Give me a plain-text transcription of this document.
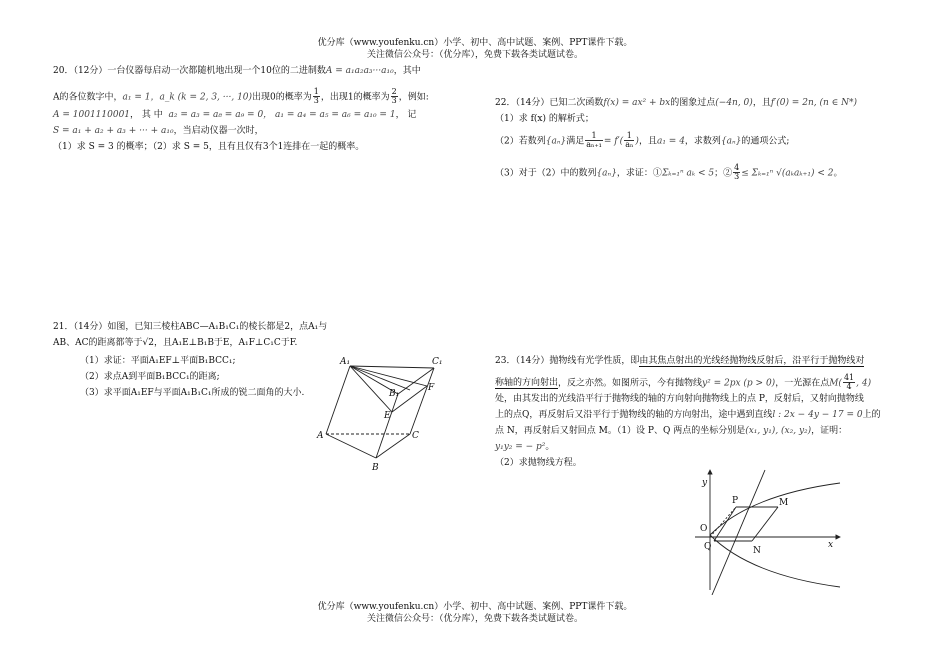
优分库（www.youfenku.cn）小学、初中、高中试题、案例、PPT课件下载。
关注微信公众号：（优分库），免费下载各类试题试卷。
20．（12分）一台仪器每启动一次都随机地出现一个10位的二进制数A = a₁a₂a₃···a₁₀，其中
A的各位数字中，a₁ = 1，a_k (k = 2, 3, ···, 10)出现0的概率为 $\frac{1}{3}$ ，出现1的概率为 $\frac{2}{3}$ ，例如:
A = 1001110001， 其 中 a₂ = a₃ = a₈ = a₉ = 0， a₁ = a₄ = a₅ = a₆ = a₁₀ = 1， 记
S = a₁ + a₂ + a₃ + ··· + a₁₀，当启动仪器一次时，
（1）求 S = 3 的概率；（2）求 S = 5，且有且仅有3个1连排在一起的概率。
21．（14分）如图，已知三棱柱ABC—A₁B₁C₁的棱长都是2，点A₁与
AB、AC的距离都等于√2，且A₁E⊥B₁B于E，A₁F⊥C₁C于F.
（1）求证：平面A₁EF⊥平面B₁BCC₁;
（2）求点A到平面B₁BCC₁的距离;
（3）求平面A₁EF与平面A₁B₁C₁所成的锐二面角的大小.
A₁	C₁
B₁
F
E
A	C
B
22．（14分）已知二次函数f(x) = ax² + bx的图象过点(−4n, 0)，且f′(0) = 2n, (n ∈ N*)
（1）求 f(x) 的解析式；
（2）若数列{aₙ}满足 $\frac{1}{\text{aₙ₊₁}} = f'( \frac{1}{\text{aₙ}}$ )，且a₁ = 4，求数列{aₙ}的通项公式;
（3）对于（2）中的数列{aₙ}，求证：①Σₖ₌₁ⁿ aₖ < 5；② $\frac{4}{3} \le \Sigma_{k=1}^n$ √(aₖaₖ₊₁) < 2。
23．（14分）抛物线有光学性质，即由其焦点射出的光线经抛物线反射后，沿平行于抛物线对
称轴的方向射出，反之亦然。如图所示，今有抛物线y² = 2px (p > 0)，一光源在点$M( \frac{41}{4}$ , 4)
处，由其发出的光线沿平行于抛物线的轴的方向射向抛物线上的点 P，反射后，又射向抛物线
上的点Q，再反射后又沿平行于抛物线的轴的方向射出，途中遇到直线l : 2x − 4y − 17 = 0上的
点 N，再反射后又射回点 M。（1）设 P、Q 两点的坐标分别是(x₁, y₁), (x₂, y₂)，证明：
y₁y₂ = − p²。
（2）求抛物线方程。
y
x
O
P	M
Q	N
优分库（www.youfenku.cn）小学、初中、高中试题、案例、PPT课件下载。
关注微信公众号：（优分库），免费下载各类试题试卷。
